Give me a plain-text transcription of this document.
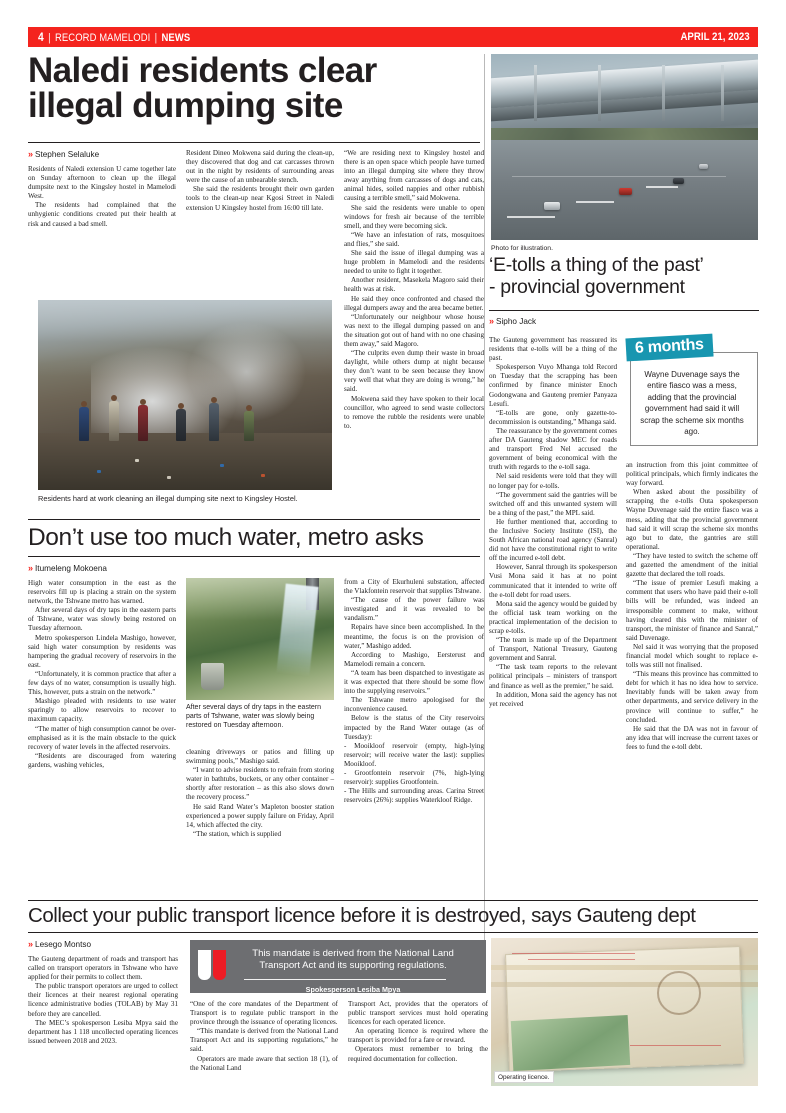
4 | RECORD MAMELODI | NEWS	APRIL 21, 2023
Naledi residents clear
illegal dumping site
» Stephen Selaluke

Residents of Naledi extension U came together late on Sunday afternoon to clean up the illegal dumpsite next to the Kingsley hostel in Mamelodi West.

The residents had complained that the unhygienic conditions created put their health at risk and caused a bad smell.

Resident Dineo Mokwena said during the clean-up, they discovered that dog and cat carcasses thrown out in the night by residents of surrounding areas were the cause of an unbearable stench.

She said the residents brought their own garden tools to the clean-up near Kgosi Street in Naledi extension U Kingsley hostel from 16:00 till late.

“We are residing next to Kingsley hostel and there is an open space which people have turned into an illegal dumping site where they throw away anything from carcasses of dogs and cats, animal hides, soiled nappies and other rubbish causing a terrible smell,” said Mokwena.

She said the residents were unable to open windows for fresh air because of the terrible smell, and they were becoming sick.

“We have an infestation of rats, mosquitoes and flies,” she said.

She said the issue of illegal dumping was a huge problem in Mamelodi and the residents needed to unite to fight it together.

Another resident, Masekela Magoro said their health was at risk.

He said they once confronted and chased the illegal dumpers away and the area became better.

“Unfortunately our neighbour whose house was next to the illegal dumping passed on and the situation got out of hand with no one chasing them away,” said Magoro.

“The culprits even dump their waste in broad daylight, while others dump at night because they don’t want to be seen because they know very well that what they are doing is wrong,” he said.

Mokwena said they have spoken to their local councillor, who agreed to send waste collectors to remove the rubble the residents were unable to.

Residents hard at work cleaning an illegal dumping site next to Kingsley Hostel.
Photo for illustration.
‘E-tolls a thing of the past’
- provincial government
» Sipho Jack
6 months
Wayne Duvenage says the entire fiasco was a mess, adding that the provincial government had said it will scrap the scheme six months ago.

The Gauteng government has reassured its residents that e-tolls will be a thing of the past.

Spokesperson Vuyo Mhanga told Record on Tuesday that the scrapping has been confirmed by finance minister Enoch Godongwana and Gauteng premier Panyaza Lesufi.

“E-tolls are gone, only gazette-to-decommission is outstanding,” Mhanga said.

The reassurance by the government comes after DA Gauteng shadow MEC for roads and transport Fred Nel accused the government of being economical with the truth with regards to the e-toll saga.

Nel said residents were told that they will no longer pay for e-tolls.

“The government said the gantries will be switched off and this unwanted system will be a thing of the past,” the MPL said.

He further mentioned that, according to the Inclusive Society Institute (ISI), the South African national road agency (Sanral) did not have the constitutional right to write off the incurred e-toll debt.

However, Sanral through its spokesperson Vusi Mona said it has at no point communicated that it intended to write off the e-toll debt for road users.

Mona said the agency would be guided by the official task team working on the practical implementation of the decision to scrap e-tolls.

“The team is made up of the Department of Transport, National Treasury, Gauteng government and Sanral.

“The task team reports to the relevant political principals – ministers of transport and finance as well as the premier,” he said.

In addition, Mona said the agency has not yet received

an instruction from this joint committee of political principals, which firmly indicates the way forward.

When asked about the possibility of scrapping the e-tolls Outa spokesperson Wayne Duvenage said the entire fiasco was a mess, adding that the provincial government had said it will scrap the scheme six months ago but to date, the gantries are still operational.

“They have tested to switch the scheme off and gazetted the amendment of the initial gazette that declared the toll roads.

“The issue of premier Lesufi making a comment that users who have paid their e-toll bills will be refunded, was indeed an irresponsible comment to make, without having cleared this with the minister of transport, the minister of finance and Sanral,” said Duvenage.

Nel said it was worrying that the proposed financial model which sought to replace e-tolls was still not finalised.

“This means this province has committed to debt for which it has no idea how to service. Inevitably funds will be taken away from other departments, and service delivery in the province will continue to suffer,” he concluded.

He said that the DA was not in favour of any idea that will increase the current taxes or fees to fund the e-toll debt.

Don’t use too much water, metro asks
» Itumeleng Mokoena

High water consumption in the east as the reservoirs fill up is placing a strain on the system network, the Tshwane metro has warned.

After several days of dry taps in the eastern parts of Tshwane, water was slowly being restored on Tuesday afternoon.

Metro spokesperson Lindela Mashigo, however, said high water consumption by residents was hampering the gradual recovery of reservoirs in the east.

“Unfortunately, it is common practice that after a few days of no water, consumption is usually high. This, however, puts a strain on the network.”

Mashigo pleaded with residents to use water sparingly to allow reservoirs to recover to maximum capacity.

“The matter of high consumption cannot be over-emphasised as it is the main obstacle to the quick recovery of water levels in the affected reservoirs.

“Residents are discouraged from watering gardens, washing vehicles,

After several days of dry taps in the eastern parts of Tshwane, water was slowly being restored on Tuesday afternoon.

cleaning driveways or patios and filling up swimming pools,” Mashigo said.

“I want to advise residents to refrain from storing water in bathtubs, buckets, or any other container – shortly after restoration – as this also slows down the recovery process.”

He said Rand Water’s Mapleton booster station experienced a power supply failure on Friday, April 14, which affected the city.

“The station, which is supplied

from a City of Ekurhuleni substation, affected the Vlakfontein reservoir that supplies Tshwane.

“The cause of the power failure was investigated and it was revealed to be vandalism.”

Repairs have since been accomplished. In the meantime, the focus is on the provision of water,” Mashigo added.

According to Mashigo, Eersterust and Mamelodi remain a concern.

“A team has been dispatched to investigate as it was expected that there should be some flow into the supplying reservoirs.”

The Tshwane metro apologised for the inconvenience caused.

Below is the status of the City reservoirs impacted by the Rand Water outage (as of Tuesday):

- Mooikloof reservoir (empty, high-lying reservoir; will receive water the last): supplies Mooikloof.

- Grootfontein reservoir (7%, high-lying reservoir): supplies Grootfontein.

- The Hills and surrounding areas. Carina Street reservoirs (26%): supplies Waterkloof Ridge.

Collect your public transport licence before it is destroyed, says Gauteng dept
» Lesego Montso

The Gauteng department of roads and transport has called on transport operators in Tshwane who have applied for their permits to collect them.

The public transport operators are urged to collect their licences at their nearest regional operating licence administrative bodies (TOLAB) by May 31 before they are cancelled.

The MEC’s spokesperson Lesiba Mpya said the department has 1 118 uncollected operating licences issued between 2018 and 2023.

This mandate is derived from the National Land Transport Act and its supporting regulations.
Spokesperson Lesiba Mpya

“One of the core mandates of the Department of Transport is to regulate public transport in the province through the issuance of operating licences.

“This mandate is derived from the National Land Transport Act and its supporting regulations,” he said.

Operators are made aware that section 18 (1), of the National Land

Transport Act, provides that the operators of public transport services must hold operating licences for each operated licence.

An operating licence is required where the transport is provided for a fare or reward.

Operators must remember to bring the required documentation for collection.

Operating licence.
